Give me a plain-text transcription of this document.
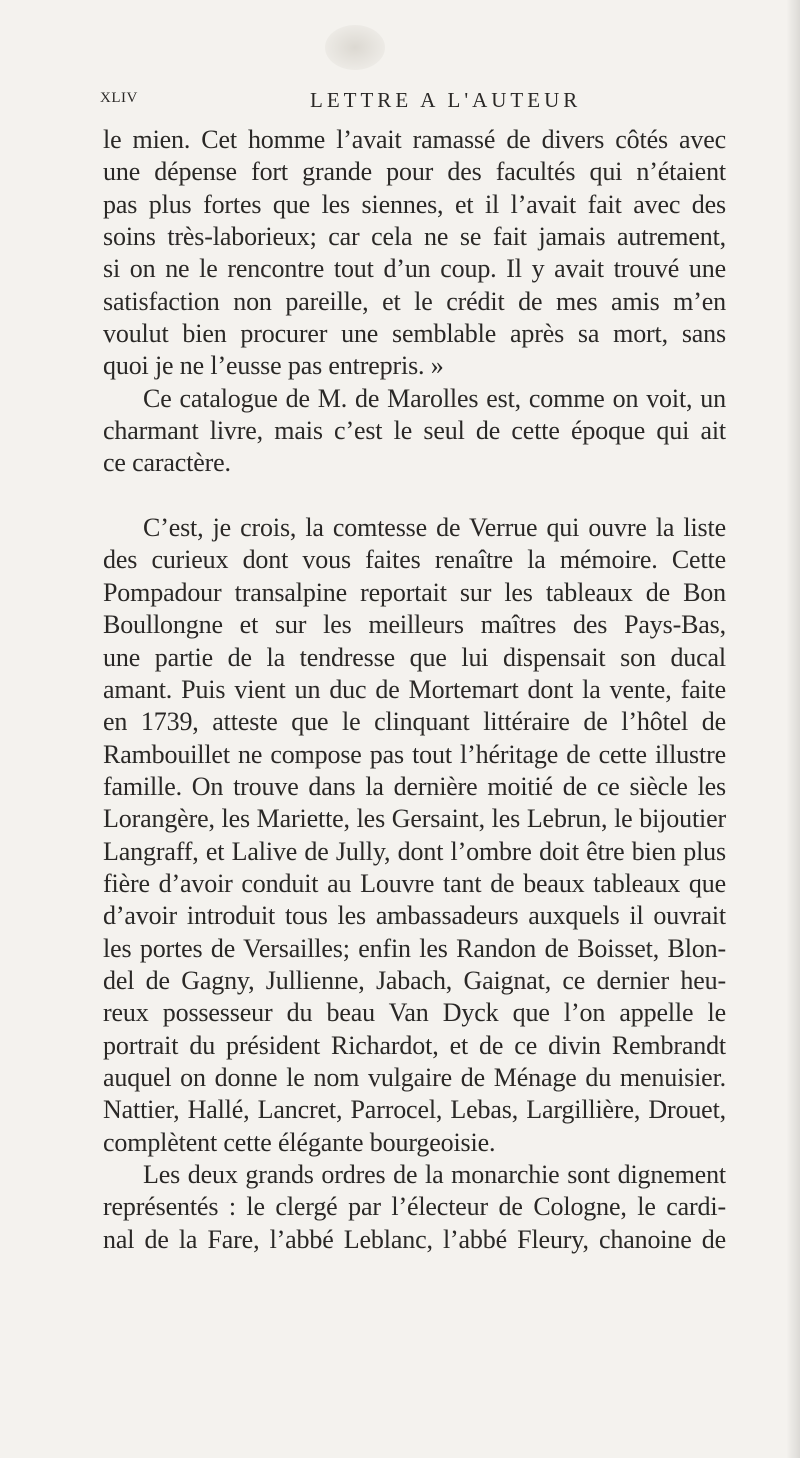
XLIV	LETTRE A L'AUTEUR
le mien. Cet homme l’avait ramassé de divers côtés avec
une dépense fort grande pour des facultés qui n’étaient
pas plus fortes que les siennes, et il l’avait fait avec des
soins très-laborieux; car cela ne se fait jamais autrement,
si on ne le rencontre tout d’un coup. Il y avait trouvé une
satisfaction non pareille, et le crédit de mes amis m’en
voulut bien procurer une semblable après sa mort, sans
quoi je ne l’eusse pas entrepris. »
Ce catalogue de M. de Marolles est, comme on voit, un
charmant livre, mais c’est le seul de cette époque qui ait
ce caractère.
C’est, je crois, la comtesse de Verrue qui ouvre la liste
des curieux dont vous faites renaître la mémoire. Cette
Pompadour transalpine reportait sur les tableaux de Bon
Boullongne et sur les meilleurs maîtres des Pays-Bas,
une partie de la tendresse que lui dispensait son ducal
amant. Puis vient un duc de Mortemart dont la vente, faite
en 1739, atteste que le clinquant littéraire de l’hôtel de
Rambouillet ne compose pas tout l’héritage de cette illustre
famille. On trouve dans la dernière moitié de ce siècle les
Lorangère, les Mariette, les Gersaint, les Lebrun, le bijoutier
Langraff, et Lalive de Jully, dont l’ombre doit être bien plus
fière d’avoir conduit au Louvre tant de beaux tableaux que
d’avoir introduit tous les ambassadeurs auxquels il ouvrait
les portes de Versailles; enfin les Randon de Boisset, Blon-
del de Gagny, Jullienne, Jabach, Gaignat, ce dernier heu-
reux possesseur du beau Van Dyck que l’on appelle le
portrait du président Richardot, et de ce divin Rembrandt
auquel on donne le nom vulgaire de Ménage du menuisier.
Nattier, Hallé, Lancret, Parrocel, Lebas, Largillière, Drouet,
complètent cette élégante bourgeoisie.
Les deux grands ordres de la monarchie sont dignement
représentés : le clergé par l’électeur de Cologne, le cardi-
nal de la Fare, l’abbé Leblanc, l’abbé Fleury, chanoine de
